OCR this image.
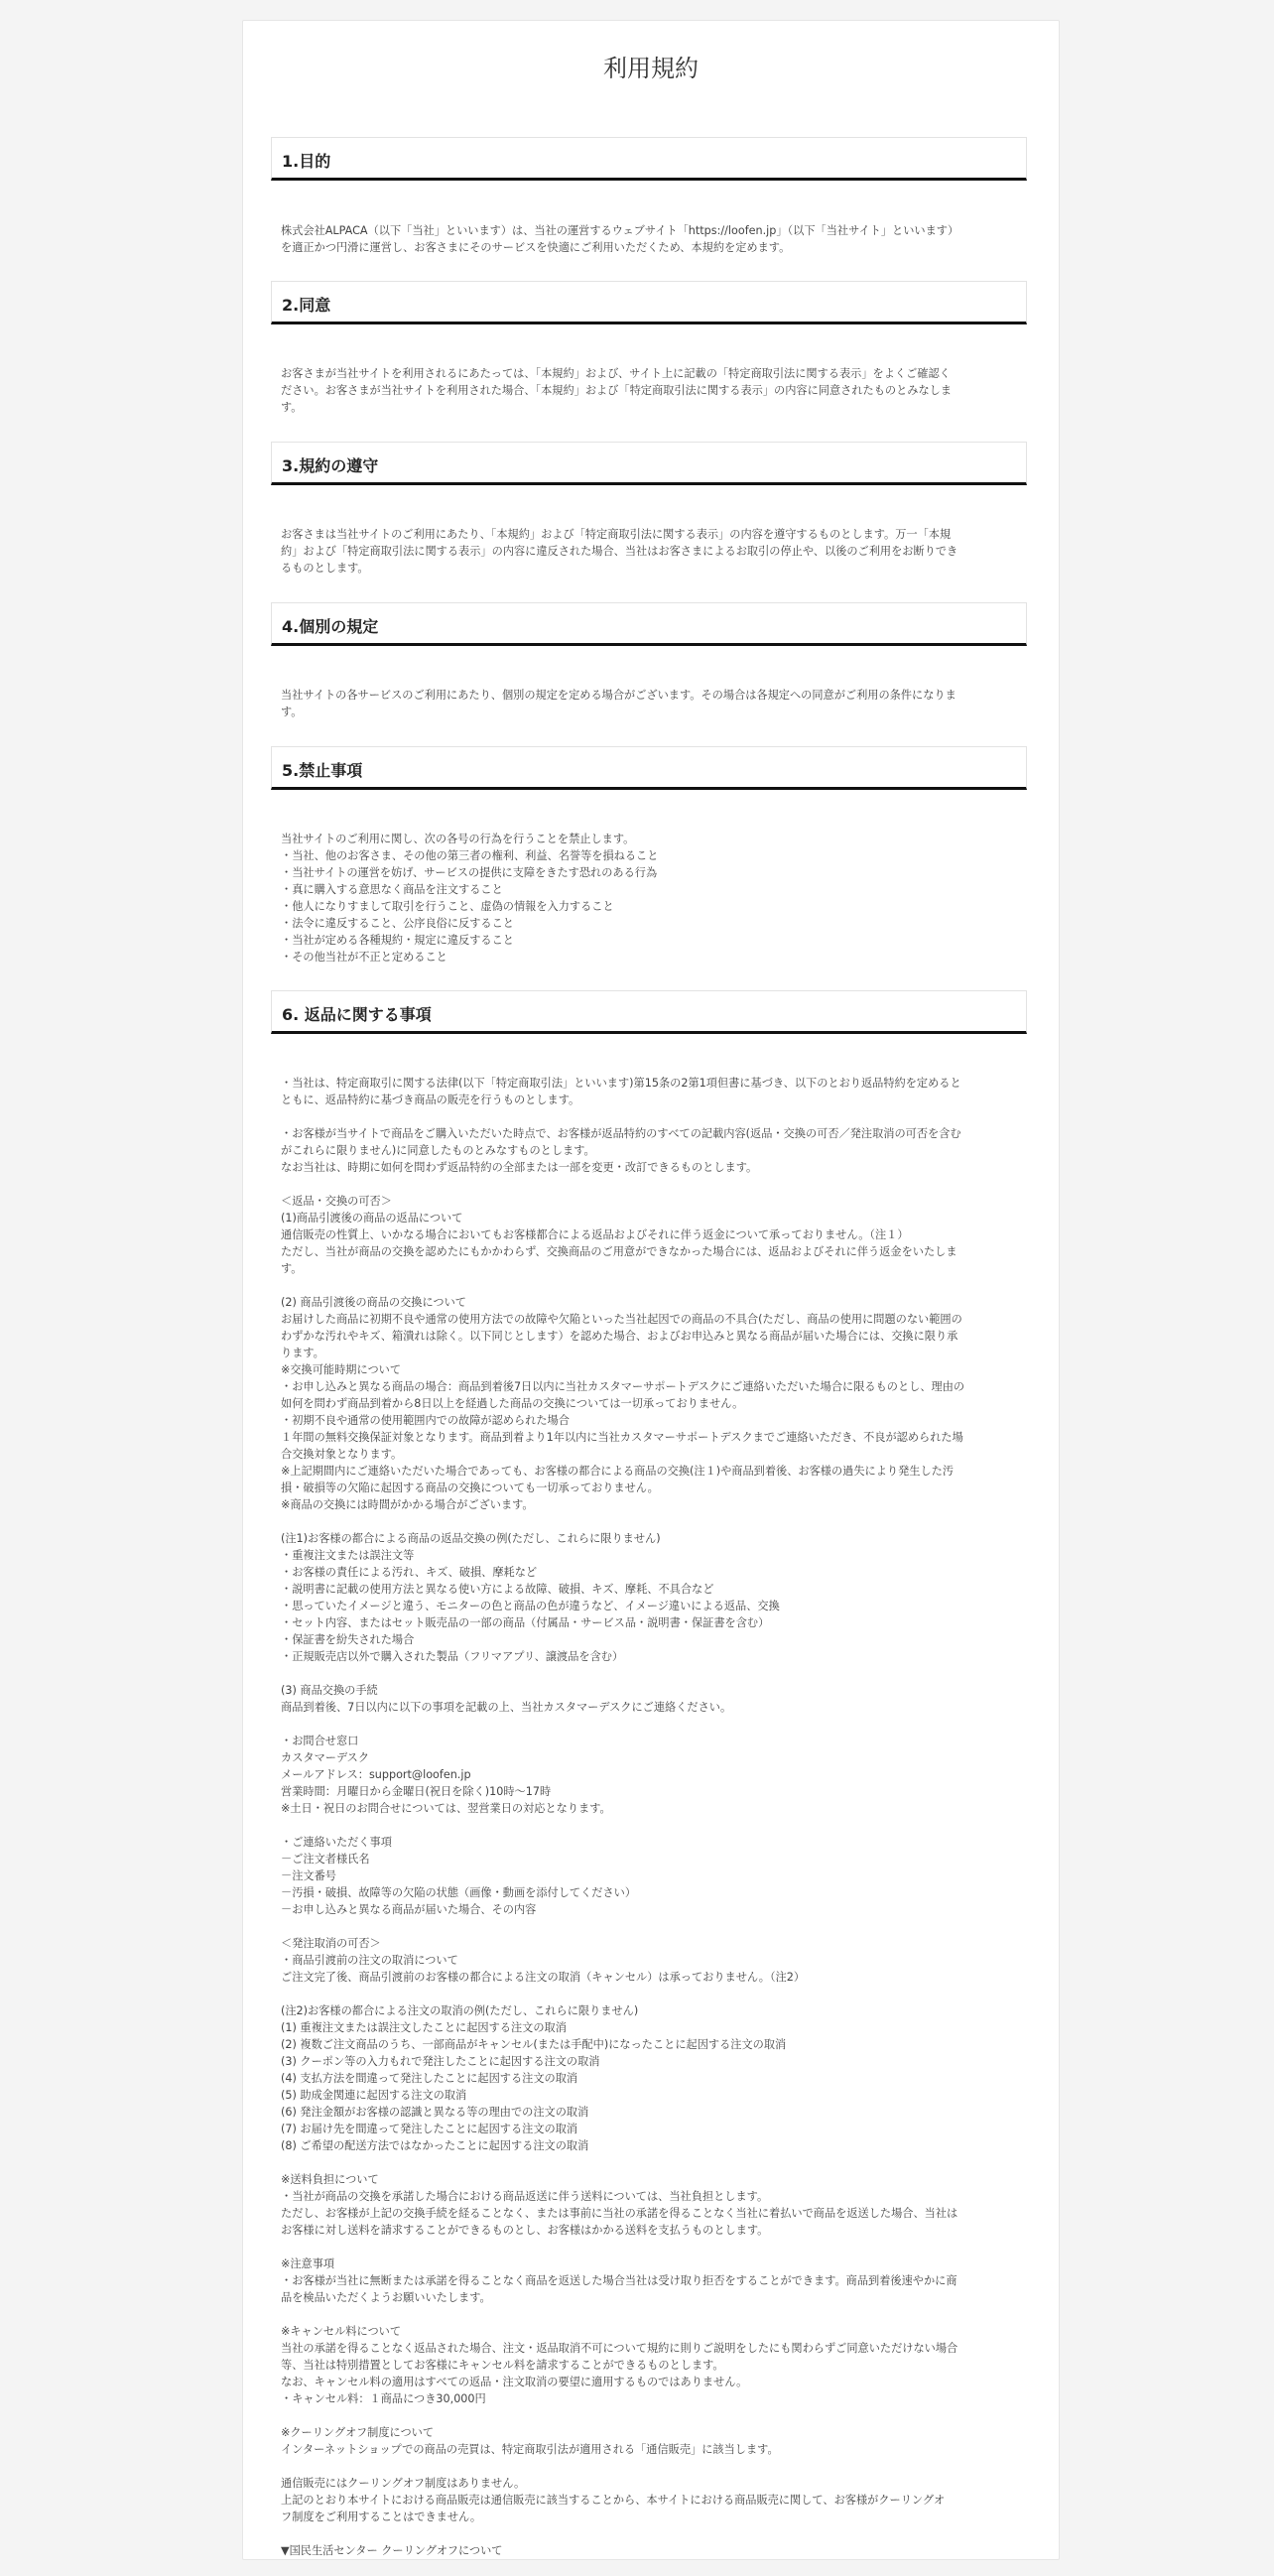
利用規約
1.目的

株式会社ALPACA（以下「当社」といいます）は、当社の運営するウェブサイト「https://loofen.jp」（以下「当社サイト」といいます）
を適正かつ円滑に運営し、お客さまにそのサービスを快適にご利用いただくため、本規約を定めます。

2.同意

お客さまが当社サイトを利用されるにあたっては、「本規約」および、サイト上に記載の「特定商取引法に関する表示」をよくご確認く
ださい。お客さまが当社サイトを利用された場合、「本規約」および「特定商取引法に関する表示」の内容に同意されたものとみなしま
す。

3.規約の遵守

お客さまは当社サイトのご利用にあたり、「本規約」および「特定商取引法に関する表示」の内容を遵守するものとします。万一「本規
約」および「特定商取引法に関する表示」の内容に違反された場合、当社はお客さまによるお取引の停止や、以後のご利用をお断りでき
るものとします。

4.個別の規定

当社サイトの各サービスのご利用にあたり、個別の規定を定める場合がございます。その場合は各規定への同意がご利用の条件になりま
す。

5.禁止事項

当社サイトのご利用に関し、次の各号の行為を行うことを禁止します。
・当社、他のお客さま、その他の第三者の権利、利益、名誉等を損ねること
・当社サイトの運営を妨げ、サービスの提供に支障をきたす恐れのある行為
・真に購入する意思なく商品を注文すること
・他人になりすまして取引を行うこと、虚偽の情報を入力すること
・法令に違反すること、公序良俗に反すること
・当社が定める各種規約・規定に違反すること
・その他当社が不正と定めること

6. 返品に関する事項

・当社は、特定商取引に関する法律(以下「特定商取引法」といいます)第15条の2第1項但書に基づき、以下のとおり返品特約を定めると
ともに、返品特約に基づき商品の販売を行うものとします。

・お客様が当サイトで商品をご購入いただいた時点で、お客様が返品特約のすべての記載内容(返品・交換の可否／発注取消の可否を含む
がこれらに限りません)に同意したものとみなすものとします。
なお当社は、時期に如何を問わず返品特約の全部または一部を変更・改訂できるものとします。

＜返品・交換の可否＞
(1)商品引渡後の商品の返品について
通信販売の性質上、いかなる場合においてもお客様都合による返品およびそれに伴う返金について承っておりません。（注１）
ただし、当社が商品の交換を認めたにもかかわらず、交換商品のご用意ができなかった場合には、返品およびそれに伴う返金をいたしま
す。

(2) 商品引渡後の商品の交換について
お届けした商品に初期不良や通常の使用方法での故障や欠陥といった当社起因での商品の不具合(ただし、商品の使用に問題のない範囲の
わずかな汚れやキズ、箱潰れは除く。以下同じとします）を認めた場合、およびお申込みと異なる商品が届いた場合には、交換に限り承
ります。
※交換可能時期について
・お申し込みと異なる商品の場合：商品到着後7日以内に当社カスタマーサポートデスクにご連絡いただいた場合に限るものとし、理由の
如何を問わず商品到着から8日以上を経過した商品の交換については一切承っておりません。
・初期不良や通常の使用範囲内での故障が認められた場合
１年間の無料交換保証対象となります。商品到着より1年以内に当社カスタマーサポートデスクまでご連絡いただき、不良が認められた場
合交換対象となります。
※上記期間内にご連絡いただいた場合であっても、お客様の都合による商品の交換(注１)や商品到着後、お客様の過失により発生した汚
損・破損等の欠陥に起因する商品の交換についても一切承っておりません。
※商品の交換には時間がかかる場合がございます。

(注1)お客様の都合による商品の返品交換の例(ただし、これらに限りません)
・重複注文または誤注文等
・お客様の責任による汚れ、キズ、破損、摩耗など
・説明書に記載の使用方法と異なる使い方による故障、破損、キズ、摩耗、不具合など
・思っていたイメージと違う、モニターの色と商品の色が違うなど、イメージ違いによる返品、交換
・セット内容、またはセット販売品の一部の商品（付属品・サービス品・説明書・保証書を含む）
・保証書を紛失された場合
・正規販売店以外で購入された製品（フリマアプリ、譲渡品を含む）

(3) 商品交換の手続
商品到着後、7日以内に以下の事項を記載の上、当社カスタマーデスクにご連絡ください。

・お問合せ窓口
カスタマーデスク
メールアドレス：support@loofen.jp
営業時間：月曜日から金曜日(祝日を除く)10時～17時
※土日・祝日のお問合せについては、翌営業日の対応となります。

・ご連絡いただく事項
－ご注文者様氏名
－注文番号
－汚損・破損、故障等の欠陥の状態（画像・動画を添付してください）
－お申し込みと異なる商品が届いた場合、その内容

＜発注取消の可否＞
・商品引渡前の注文の取消について
ご注文完了後、商品引渡前のお客様の都合による注文の取消（キャンセル）は承っておりません。（注2）

(注2)お客様の都合による注文の取消の例(ただし、これらに限りません)
(1) 重複注文または誤注文したことに起因する注文の取消
(2) 複数ご注文商品のうち、一部商品がキャンセル(または手配中)になったことに起因する注文の取消
(3) クーポン等の入力もれで発注したことに起因する注文の取消
(4) 支払方法を間違って発注したことに起因する注文の取消
(5) 助成金関連に起因する注文の取消
(6) 発注金額がお客様の認識と異なる等の理由での注文の取消
(7) お届け先を間違って発注したことに起因する注文の取消
(8) ご希望の配送方法ではなかったことに起因する注文の取消

※送料負担について
・当社が商品の交換を承諾した場合における商品返送に伴う送料については、当社負担とします。
ただし、お客様が上記の交換手続を経ることなく、または事前に当社の承諾を得ることなく当社に着払いで商品を返送した場合、当社は
お客様に対し送料を請求することができるものとし、お客様はかかる送料を支払うものとします。

※注意事項
・お客様が当社に無断または承諾を得ることなく商品を返送した場合当社は受け取り拒否をすることができます。商品到着後速やかに商
品を検品いただくようお願いいたします。

※キャンセル料について
当社の承諾を得ることなく返品された場合、注文・返品取消不可について規約に則りご説明をしたにも関わらずご同意いただけない場合
等、当社は特別措置としてお客様にキャンセル料を請求することができるものとします。
なお、キャンセル料の適用はすべての返品・注文取消の要望に適用するものではありません。
・キャンセル料：１商品につき30,000円

※クーリングオフ制度について
インターネットショップでの商品の売買は、特定商取引法が適用される「通信販売」に該当します。

通信販売にはクーリングオフ制度はありません。
上記のとおり本サイトにおける商品販売は通信販売に該当することから、本サイトにおける商品販売に関して、お客様がクーリングオ
フ制度をご利用することはできません。

▼国民生活センター クーリングオフについて
